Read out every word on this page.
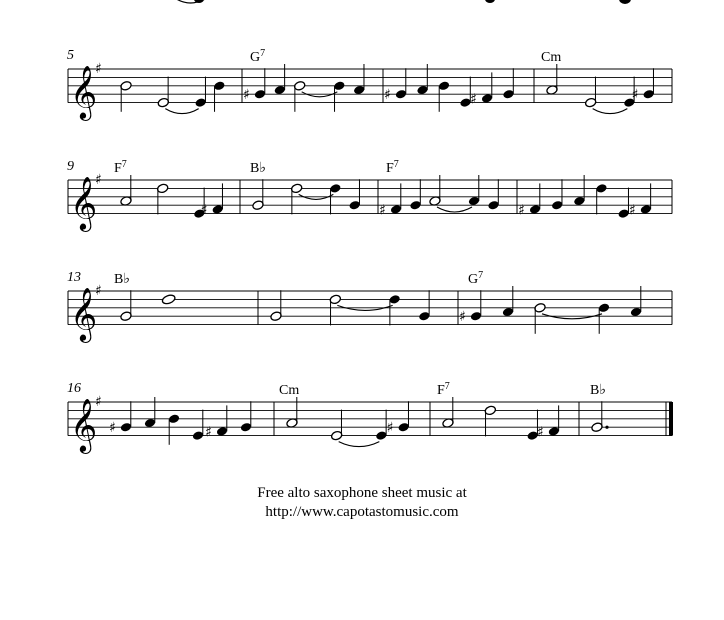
𝄞
♯
5	$G^7$	Cm
♯	♯	♯	♯
𝄞
♯
9	$F^7$	B♭	$F^7$
♯	♯	♯	♯
𝄞
♯
13 B♭	$G^7$
♯
𝄞
♯
16	Cm	$F^7$	B♭
♯	♯	♯	♯
Free alto saxophone sheet music at
http://www.capotastomusic.com
